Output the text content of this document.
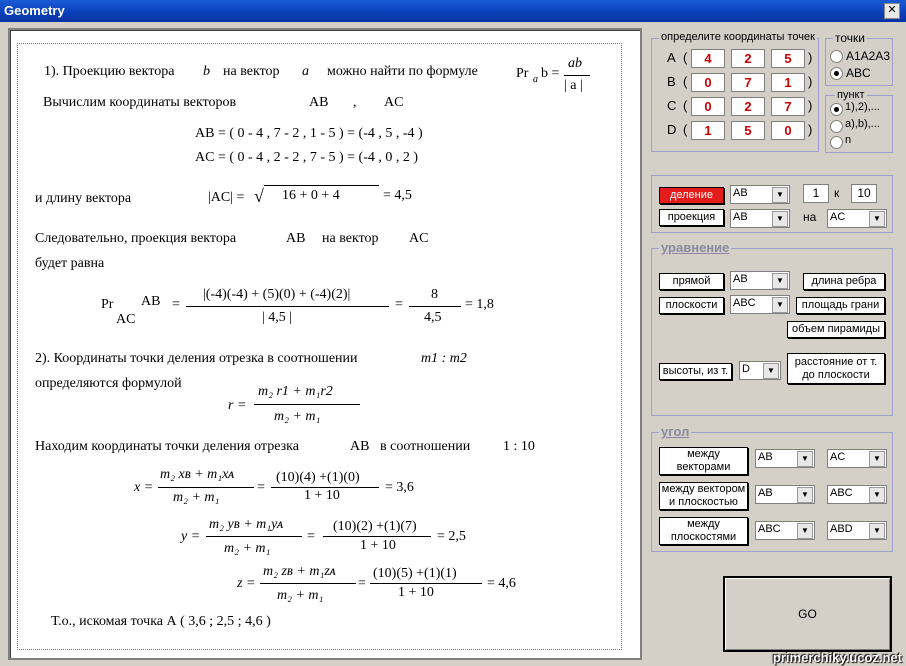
Geometry	✕
1). Проекцию вектора b на вектор a можно найти по формуле	Pr a b =
ab
| a |
Вычислим координаты векторов	AB , AC
AB = ( 0 - 4 , 7 - 2 , 1 - 5 ) = (-4 , 5 , -4 )
AC = ( 0 - 4 , 2 - 2 , 7 - 5 ) = (-4 , 0 , 2 )
и длину вектора	|AC| = √ 16 + 0 + 4	= 4,5
Следовательно, проекция вектора	AB на вектор AC
будет равна
Pr
AC
AB =
|(-4)(-4) + (5)(0) + (-4)(2)|
| 4,5 |
=
8
4,5
= 1,8
2). Координаты точки деления отрезка в соотношении	m1 : m2
определяются формулой
r =
m₂ r1 + m₁r2
m₂ + m₁
Находим координаты точки деления отрезка	AB в соотношении 1 : 10
x =
m₂ xʙ + m₁xᴀ
m₂ + m₁
=
(10)(4) +(1)(0)
1 + 10
= 3,6
y =
m₂ yʙ + m₁yᴀ
m₂ + m₁
=
(10)(2) +(1)(7)
1 + 10
= 2,5
z =
m₂ zʙ + m₁zᴀ
m₂ + m₁
=
(10)(5) +(1)(1)
1 + 10
= 4,6
Т.о., искомая точка А ( 3,6 ; 2,5 ; 4,6 )
определите координаты точек
A (	4	2	5	)
B (	0	7	1	)
C (	0	2	7	)
D (	1	5	0	)
точки
A1A2A3
ABC
пункт
1),2),...
a),b),...
n
деление	AB	▼	1	к	10
проекция	AB	▼	на AC	▼
уравнение
прямой	AB	▼	длина ребра
плоскости	ABC	▼	площадь грани
объем пирамиды
высоты, из т.	D	▼
расстояние от т. до плоскости
угол
между векторами
AB	▼	AC	▼
между вектором и плоскостью
AB	▼	ABC	▼
между плоскостями
ABC	▼	ABD	▼
GO
primerchiky.ucoz.net
